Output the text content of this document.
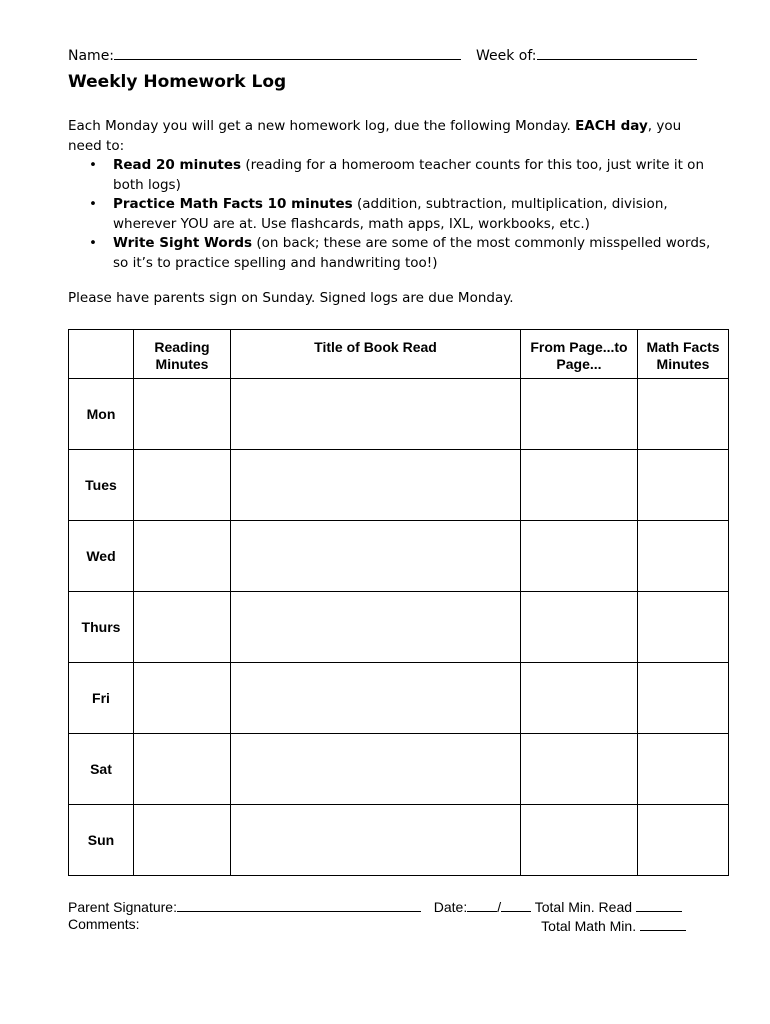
Name:	Week of:
Weekly Homework Log
Each Monday you will get a new homework log, due the following Monday. EACH day, you need to:
• Read 20 minutes (reading for a homeroom teacher counts for this too, just write it on both logs)
• Practice Math Facts 10 minutes (addition, subtraction, multiplication, division, wherever YOU are at. Use flashcards, math apps, IXL, workbooks, etc.)
• Write Sight Words (on back; these are some of the most commonly misspelled words, so it’s to practice spelling and handwriting too!)
Please have parents sign on Sunday. Signed logs are due Monday.

	Reading Minutes	Title of Book Read	From Page...to Page...	Math Facts Minutes

Mon				
Tues				
Wed				
Thurs				
Fri				
Sat				
Sun				
Parent Signature:	Date: / Total Min. Read
Comments:	Total Math Min.
